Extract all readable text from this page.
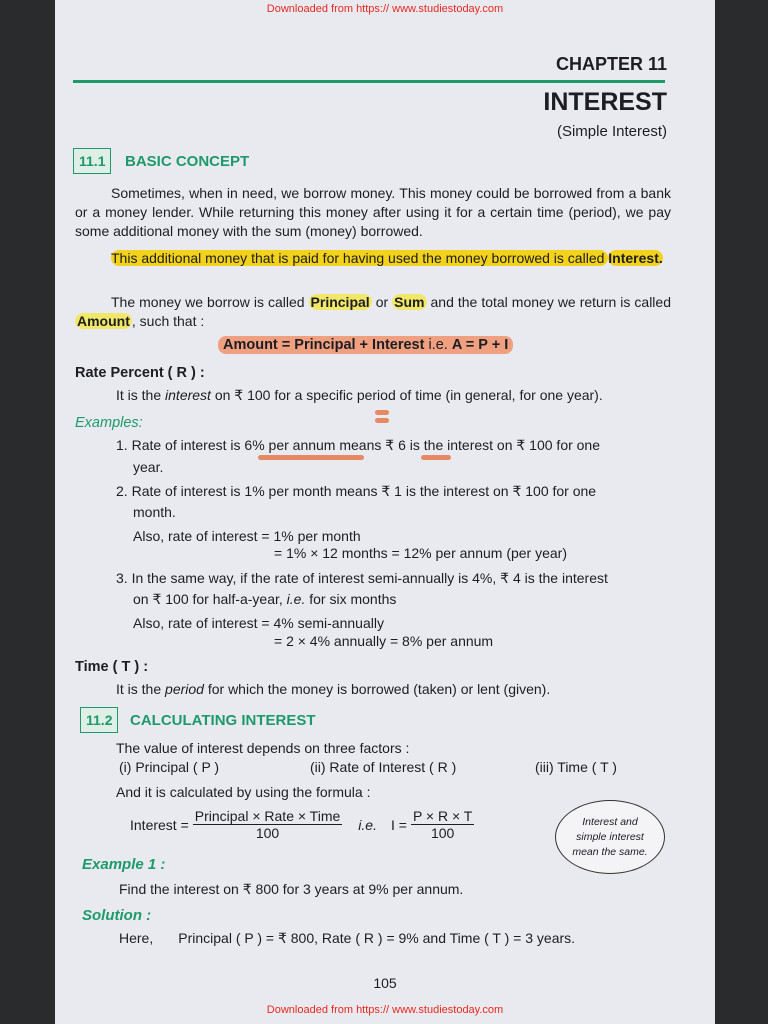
Downloaded from https:// www.studiestoday.com
CHAPTER 11
INTEREST
(Simple Interest)
11.1	BASIC CONCEPT
Sometimes, when in need, we borrow money. This money could be borrowed from a bank or a money lender. While returning this money after using it for a certain time (period), we pay some additional money with the sum (money) borrowed.
This additional money that is paid for having used the money borrowed is called Interest.
The money we borrow is called Principal or Sum and the total money we return is called Amount , such that :
Amount = Principal + Interest i.e. A = P + I
Rate Percent ( R ) :
It is the interest on ₹ 100 for a specific period of time (in general, for one year).
Examples:
1. Rate of interest is 6% per annum means ₹ 6 is the interest on ₹ 100 for one
year.
2. Rate of interest is 1% per month means ₹ 1 is the interest on ₹ 100 for one
month.
Also, rate of interest = 1% per month
= 1% × 12 months = 12% per annum (per year)
3. In the same way, if the rate of interest semi-annually is 4%, ₹ 4 is the interest
on ₹ 100 for half-a-year, i.e. for six months
Also, rate of interest = 4% semi-annually
= 2 × 4% annually = 8% per annum
Time ( T ) :
It is the period for which the money is borrowed (taken) or lent (given).
11.2	CALCULATING INTEREST
The value of interest depends on three factors :
(i) Principal ( P )	(ii) Rate of Interest ( R )	(iii) Time ( T )
And it is calculated by using the formula :
Interest = $\frac{\text{Principal × Rate × Time}}{100} i.e$. $I = \frac{P \times R \times T}{100}$	Interest and simple interest mean the same.
Example 1 :
Find the interest on ₹ 800 for 3 years at 9% per annum.
Solution :
Here, Principal ( P ) = ₹ 800, Rate ( R ) = 9% and Time ( T ) = 3 years.
105
Downloaded from https:// www.studiestoday.com
